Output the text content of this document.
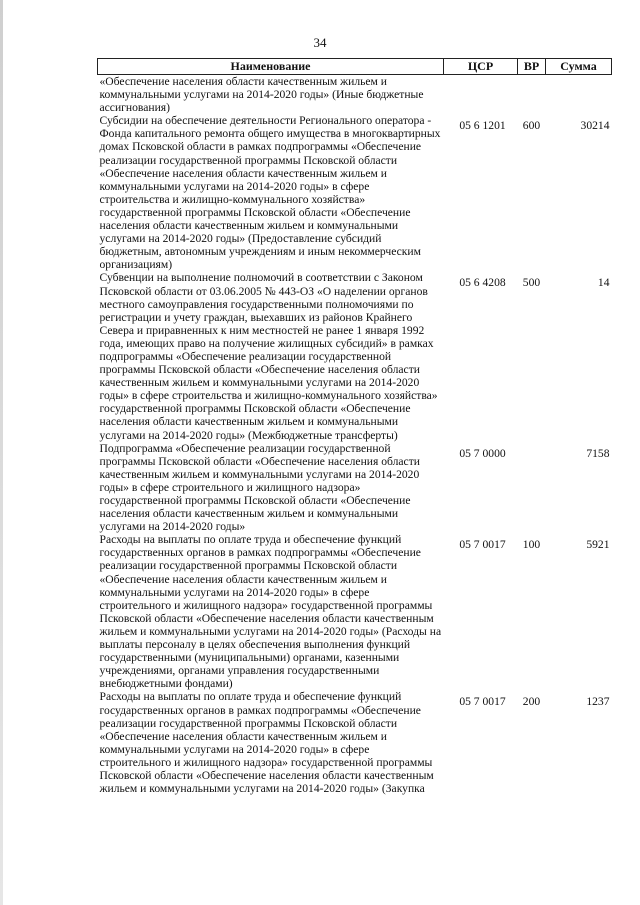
34
Наименование	ЦСР	ВР	Сумма
«Обеспечение населения области качественным жильем и коммунальными услугами на 2014-2020 годы» (Иные бюджетные ассигнования)			
Субсидии на обеспечение деятельности Регионального оператора - Фонда капитального ремонта общего имущества в многоквартирных домах Псковской области в рамках подпрограммы «Обеспечение реализации государственной программы Псковской области «Обеспечение населения области качественным жильем и коммунальными услугами на 2014-2020 годы» в сфере строительства и жилищно-коммунального хозяйства» государственной программы Псковской области «Обеспечение населения области качественным жильем и коммунальными услугами на 2014-2020 годы» (Предоставление субсидий бюджетным, автономным учреждениям и иным некоммерческим организациям)	05 6 1201	600	30214
Субвенции на выполнение полномочий в соответствии с Законом Псковской области от 03.06.2005 № 443-ОЗ «О наделении органов местного самоуправления государственными полномочиями по регистрации и учету граждан, выехавших из районов Крайнего Севера и приравненных к ним местностей не ранее 1 января 1992 года, имеющих право на получение жилищных субсидий» в рамках подпрограммы «Обеспечение реализации государственной программы Псковской области «Обеспечение населения области качественным жильем и коммунальными услугами на 2014-2020 годы» в сфере строительства и жилищно-коммунального хозяйства» государственной программы Псковской области «Обеспечение населения области качественным жильем и коммунальными услугами на 2014-2020 годы» (Межбюджетные трансферты)	05 6 4208	500	14
Подпрограмма «Обеспечение реализации государственной программы Псковской области «Обеспечение населения области качественным жильем и коммунальными услугами на 2014-2020 годы» в сфере строительного и жилищного надзора» государственной программы Псковской области «Обеспечение населения области качественным жильем и коммунальными услугами на 2014-2020 годы»	05 7 0000		7158
Расходы на выплаты по оплате труда и обеспечение функций государственных органов в рамках подпрограммы «Обеспечение реализации государственной программы Псковской области «Обеспечение населения области качественным жильем и коммунальными услугами на 2014-2020 годы» в сфере строительного и жилищного надзора» государственной программы Псковской области «Обеспечение населения области качественным жильем и коммунальными услугами на 2014-2020 годы» (Расходы на выплаты персоналу в целях обеспечения выполнения функций государственными (муниципальными) органами, казенными учреждениями, органами управления государственными внебюджетными фондами)	05 7 0017	100	5921
Расходы на выплаты по оплате труда и обеспечение функций государственных органов в рамках подпрограммы «Обеспечение реализации государственной программы Псковской области «Обеспечение населения области качественным жильем и коммунальными услугами на 2014-2020 годы» в сфере строительного и жилищного надзора» государственной программы Псковской области «Обеспечение населения области качественным жильем и коммунальными услугами на 2014-2020 годы» (Закупка	05 7 0017	200	1237
